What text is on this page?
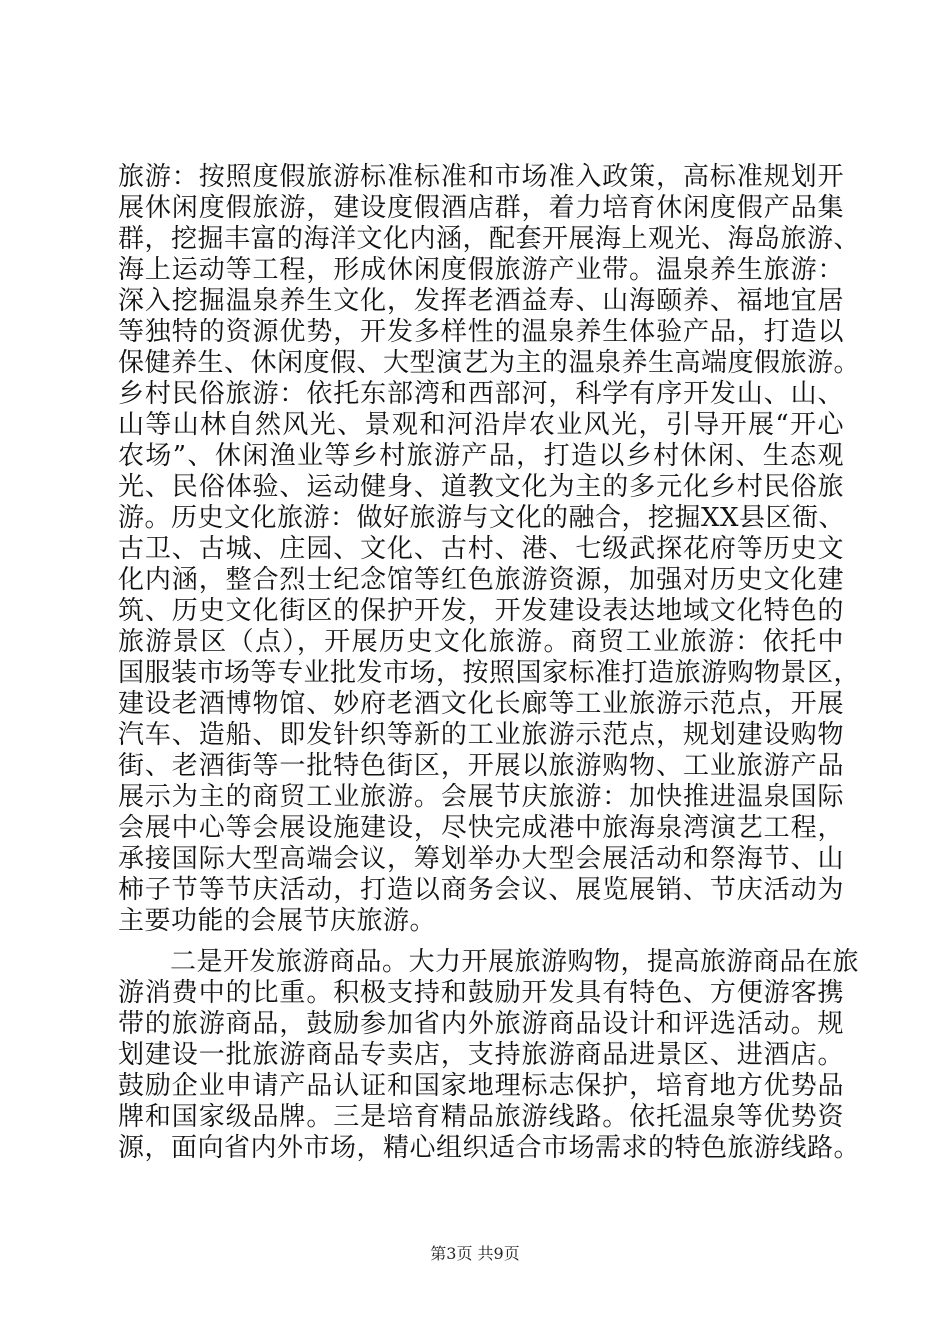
旅游：按照度假旅游标准标准和市场准入政策，高标准规划开
展休闲度假旅游，建设度假酒店群，着力培育休闲度假产品集
群，挖掘丰富的海洋文化内涵，配套开展海上观光、海岛旅游、
海上运动等工程，形成休闲度假旅游产业带。温泉养生旅游：
深入挖掘温泉养生文化，发挥老酒益寿、山海颐养、福地宜居
等独特的资源优势，开发多样性的温泉养生体验产品，打造以
保健养生、休闲度假、大型演艺为主的温泉养生高端度假旅游。
乡村民俗旅游：依托东部湾和西部河，科学有序开发山、山、
山等山林自然风光、景观和河沿岸农业风光，引导开展“开心
农场”、休闲渔业等乡村旅游产品，打造以乡村休闲、生态观
光、民俗体验、运动健身、道教文化为主的多元化乡村民俗旅
游。历史文化旅游：做好旅游与文化的融合，挖掘XX县区衙、
古卫、古城、庄园、文化、古村、港、七级武探花府等历史文
化内涵，整合烈士纪念馆等红色旅游资源，加强对历史文化建
筑、历史文化街区的保护开发，开发建设表达地域文化特色的
旅游景区（点），开展历史文化旅游。商贸工业旅游：依托中
国服装市场等专业批发市场，按照国家标准打造旅游购物景区，
建设老酒博物馆、妙府老酒文化长廊等工业旅游示范点，开展
汽车、造船、即发针织等新的工业旅游示范点，规划建设购物
街、老酒街等一批特色街区，开展以旅游购物、工业旅游产品
展示为主的商贸工业旅游。会展节庆旅游：加快推进温泉国际
会展中心等会展设施建设，尽快完成港中旅海泉湾演艺工程，
承接国际大型高端会议，筹划举办大型会展活动和祭海节、山
柿子节等节庆活动，打造以商务会议、展览展销、节庆活动为
主要功能的会展节庆旅游。
二是开发旅游商品。大力开展旅游购物，提高旅游商品在旅
游消费中的比重。积极支持和鼓励开发具有特色、方便游客携
带的旅游商品，鼓励参加省内外旅游商品设计和评选活动。规
划建设一批旅游商品专卖店，支持旅游商品进景区、进酒店。
鼓励企业申请产品认证和国家地理标志保护，培育地方优势品
牌和国家级品牌。三是培育精品旅游线路。依托温泉等优势资
源，面向省内外市场，精心组织适合市场需求的特色旅游线路。
第3页 共9页
